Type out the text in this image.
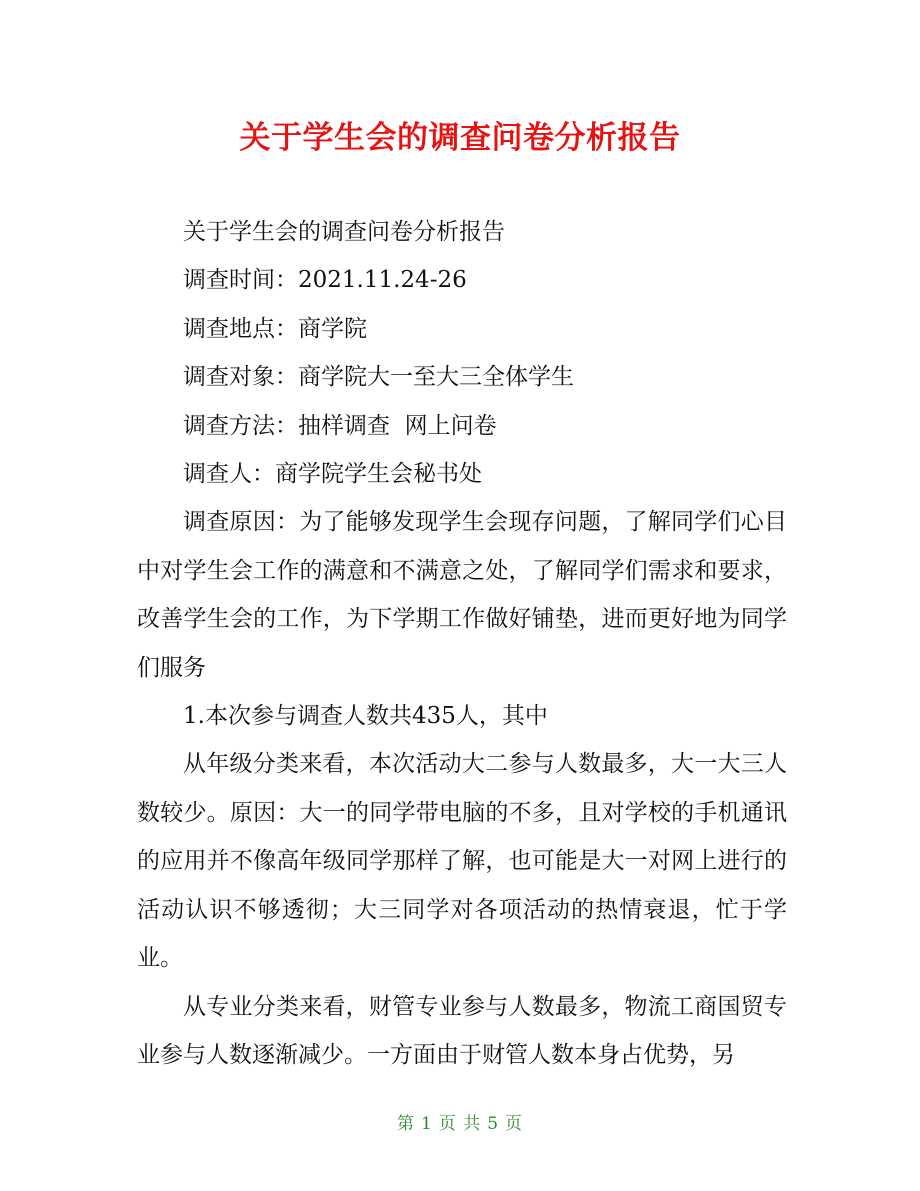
关于学生会的调查问卷分析报告

关于学生会的调查问卷分析报告

调查时间：2021.11.24-26

调查地点：商学院

调查对象：商学院大一至大三全体学生

调查方法：抽样调查  网上问卷

调查人：商学院学生会秘书处

调查原因：为了能够发现学生会现存问题，了解同学们心目中对学生会工作的满意和不满意之处，了解同学们需求和要求，改善学生会的工作，为下学期工作做好铺垫，进而更好地为同学们服务

1.本次参与调查人数共435人，其中

从年级分类来看，本次活动大二参与人数最多，大一大三人数较少。原因：大一的同学带电脑的不多，且对学校的手机通讯的应用并不像高年级同学那样了解，也可能是大一对网上进行的活动认识不够透彻；大三同学对各项活动的热情衰退，忙于学业。

从专业分类来看，财管专业参与人数最多，物流工商国贸专业参与人数逐渐减少。一方面由于财管人数本身占优势，另

第 1 页 共 5 页
